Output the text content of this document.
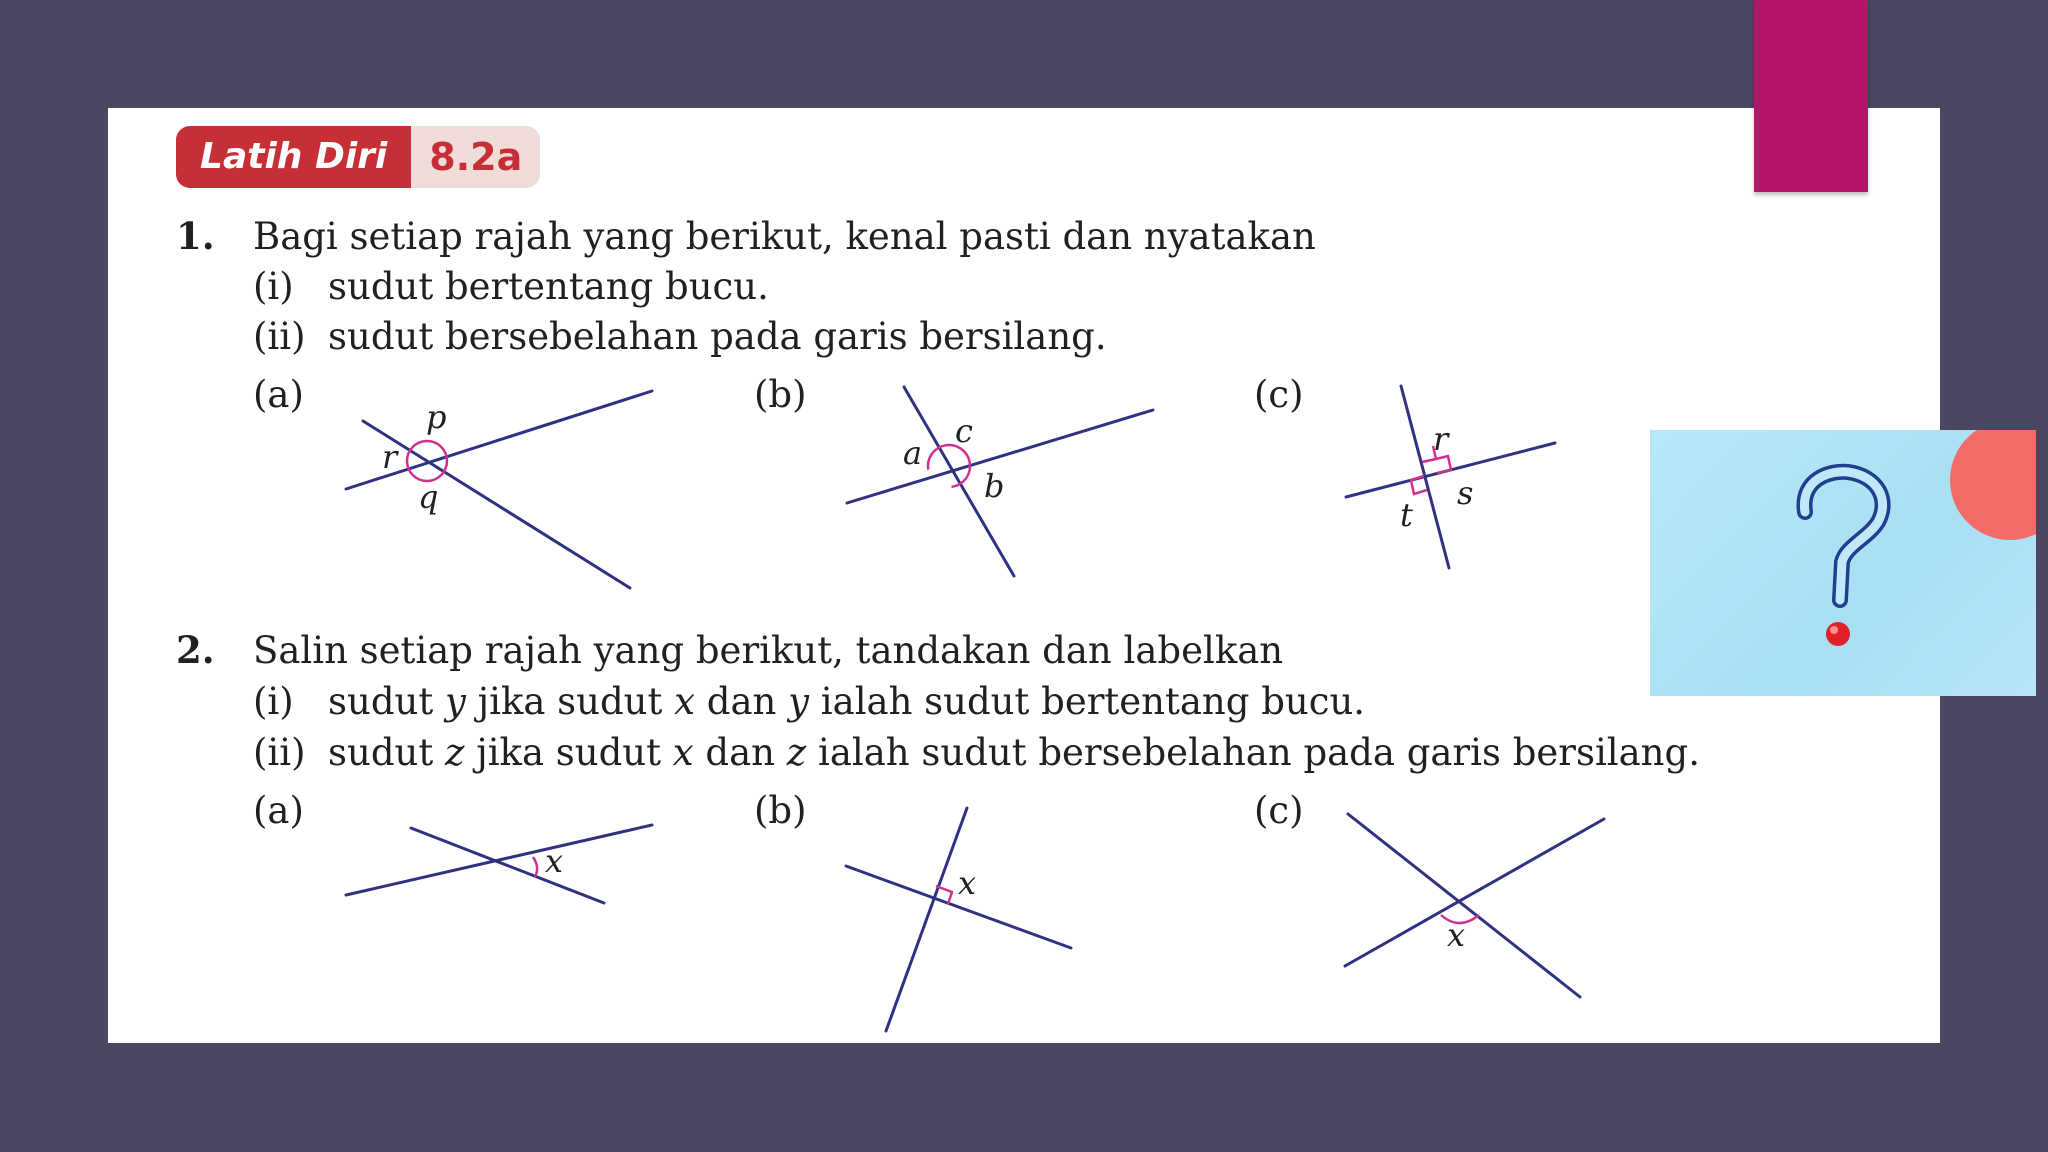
Latih Diri	8.2a
1. Bagi setiap rajah yang berikut, kenal pasti dan nyatakan
(i) sudut bertentang bucu.
(ii) sudut bersebelahan pada garis bersilang.
(a)	(b)	(c)
2. Salin setiap rajah yang berikut, tandakan dan labelkan
(i) sudut y jika sudut x dan y ialah sudut bertentang bucu.
(ii) sudut z jika sudut x dan z ialah sudut bersebelahan pada garis bersilang.
(a)	(b)	(c)
p
r
q
c
a
b
r
s
t
x
x
x
